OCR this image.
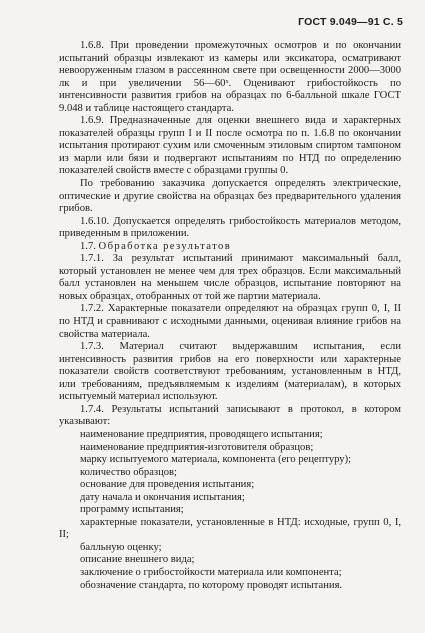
ГОСТ 9.049—91 С. 5

1.6.8. При проведении промежуточных осмотров и по окончании испытаний образцы извлекают из камеры или эксикатора, осматривают невооруженным глазом в рассеянном свете при освещенности 2000—3000 лк и при увеличении 56—60ˣ. Оценивают грибостойкость по интенсивности развития грибов на образцах по 6-балльной шкале ГОСТ 9.048 и таблице настоящего стандарта.

1.6.9. Предназначенные для оценки внешнего вида и характерных показателей образцы групп I и II после осмотра по п. 1.6.8 по окончании испытания протирают сухим или смоченным этиловым спиртом тампоном из марли или бязи и подвергают испытаниям по НТД по определению показателей свойств вместе с образцами группы 0.

По требованию заказчика допускается определять электрические, оптические и другие свойства на образцах без предварительного удаления грибов.

1.6.10. Допускается определять грибостойкость материалов методом, приведенным в приложении.

1.7. Обработка результатов

1.7.1. За результат испытаний принимают максимальный балл, который установлен не менее чем для трех образцов. Если максимальный балл установлен на меньшем числе образцов, испытание повторяют на новых образцах, отобранных от той же партии материала.

1.7.2. Характерные показатели определяют на образцах групп 0, I, II по НТД и сравнивают с исходными данными, оценивая влияние грибов на свойства материала.

1.7.3. Материал считают выдержавшим испытания, если интенсивность развития грибов на его поверхности или характерные показатели свойств соответствуют требованиям, установленным в НТД, или требованиям, предъявляемым к изделиям (материалам), в которых испытуемый материал используют.

1.7.4. Результаты испытаний записывают в протокол, в котором указывают:

наименование предприятия, проводящего испытания;

наименование предприятия-изготовителя образцов;

марку испытуемого материала, компонента (его рецептуру);

количество образцов;

основание для проведения испытания;

дату начала и окончания испытания;

программу испытания;

характерные показатели, установленные в НТД: исходные, групп 0, I, II;

балльную оценку;

описание внешнего вида;

заключение о грибостойкости материала или компонента;

обозначение стандарта, по которому проводят испытания.
